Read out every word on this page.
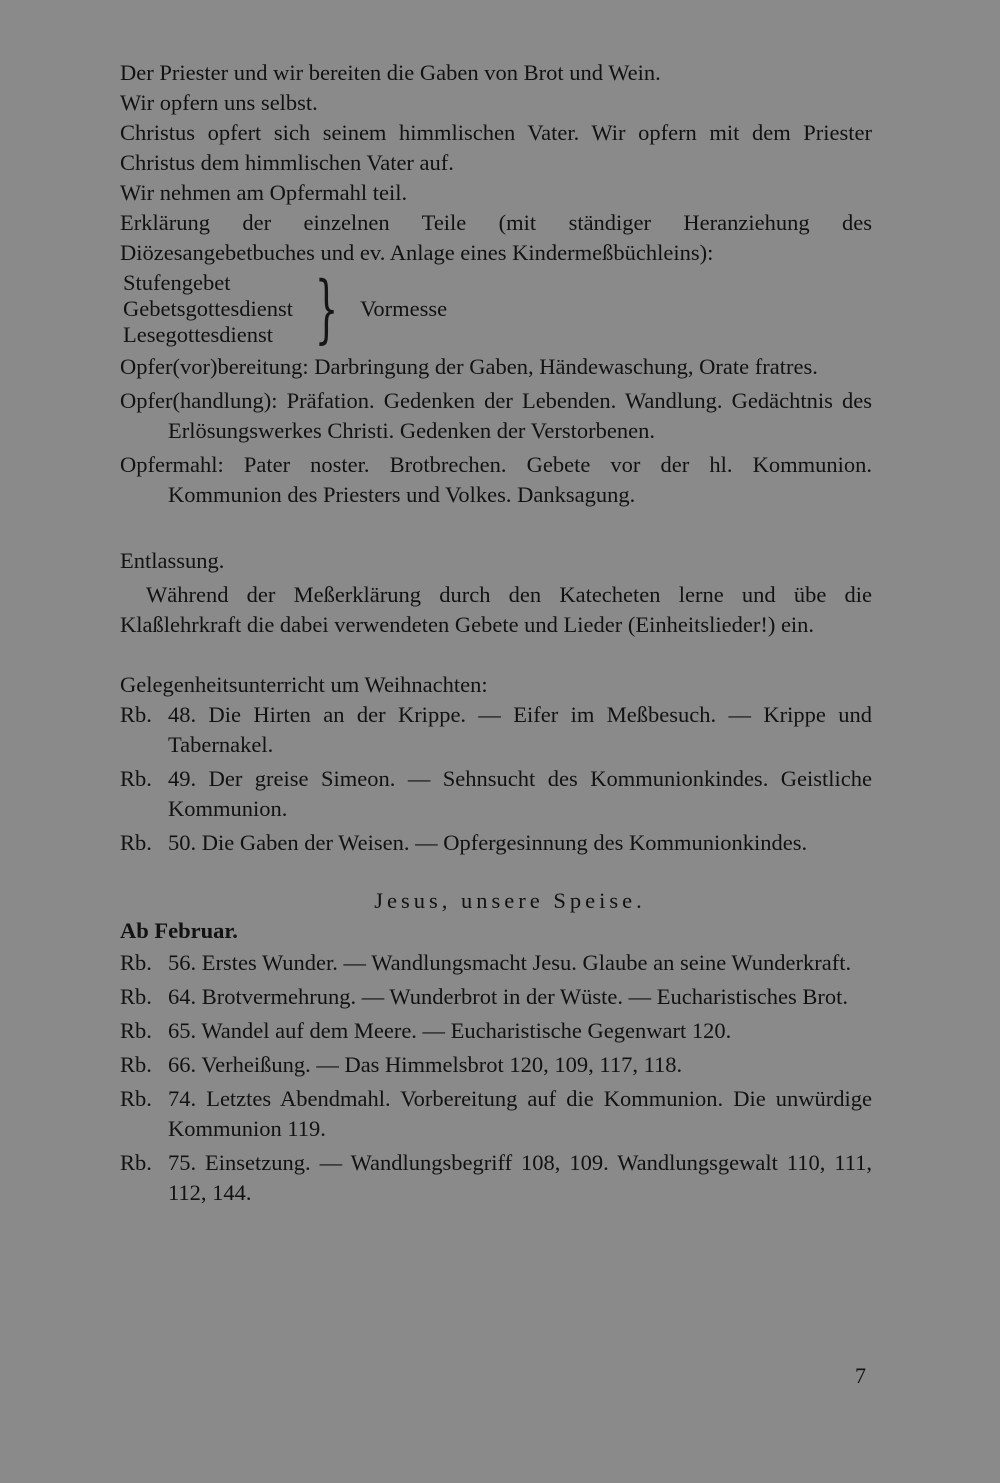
Der Priester und wir bereiten die Gaben von Brot und Wein.

Wir opfern uns selbst.

Christus opfert sich seinem himmlischen Vater. Wir opfern mit dem Priester Christus dem himmlischen Vater auf.

Wir nehmen am Opfermahl teil.

Erklärung der einzelnen Teile (mit ständiger Heranziehung des Diözesangebetbuches und ev. Anlage eines Kindermeßbüchleins):

Stufengebet
Gebetsgottesdienst
Lesegottesdienst } Vormesse

Opfer(vor)bereitung: Darbringung der Gaben, Händewaschung, Orate fratres.

Opfer(handlung): Präfation. Gedenken der Lebenden. Wandlung. Gedächtnis des Erlösungswerkes Christi. Gedenken der Verstorbenen.

Opfermahl: Pater noster. Brotbrechen. Gebete vor der hl. Kommunion. Kommunion des Priesters und Volkes. Danksagung.

Entlassung.

Während der Meßerklärung durch den Katecheten lerne und übe die Klaßlehrkraft die dabei verwendeten Gebete und Lieder (Einheitslieder!) ein.

Gelegenheitsunterricht um Weihnachten:

Rb. 48. Die Hirten an der Krippe. — Eifer im Meßbesuch. — Krippe und Tabernakel.
Rb. 49. Der greise Simeon. — Sehnsucht des Kommunionkindes. Geistliche Kommunion.
Rb. 50. Die Gaben der Weisen. — Opfergesinnung des Kommunionkindes.

Jesus, unsere Speise.

Ab Februar.

Rb. 56. Erstes Wunder. — Wandlungsmacht Jesu. Glaube an seine Wunderkraft.
Rb. 64. Brotvermehrung. — Wunderbrot in der Wüste. — Eucharistisches Brot.
Rb. 65. Wandel auf dem Meere. — Eucharistische Gegenwart 120.
Rb. 66. Verheißung. — Das Himmelsbrot 120, 109, 117, 118.
Rb. 74. Letztes Abendmahl. Vorbereitung auf die Kommunion. Die unwürdige Kommunion 119.
Rb. 75. Einsetzung. — Wandlungsbegriff 108, 109. Wandlungsgewalt 110, 111, 112, 144.
7
